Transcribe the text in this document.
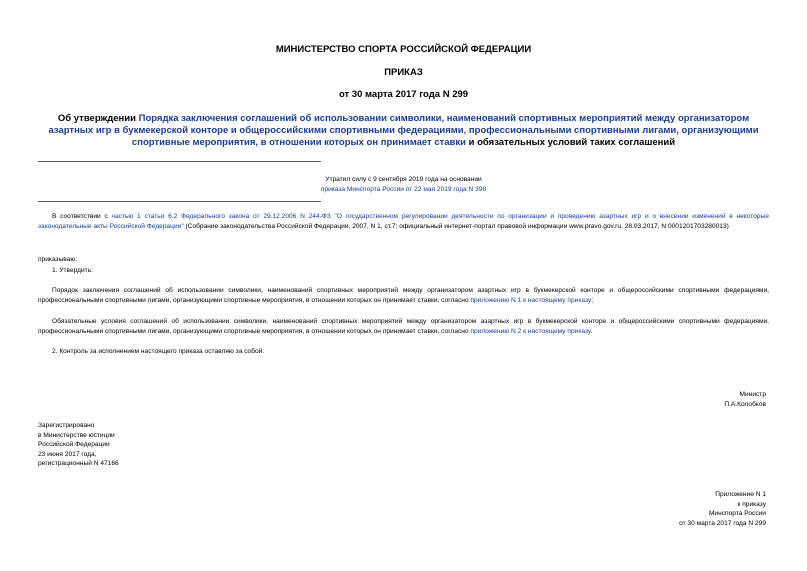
МИНИСТЕРСТВО СПОРТА РОССИЙСКОЙ ФЕДЕРАЦИИ
ПРИКАЗ
от 30 марта 2017 года N 299
Об утверждении Порядка заключения соглашений об использовании символики, наименований спортивных мероприятий между организатором азартных игр в букмекерской конторе и общероссийскими спортивными федерациями, профессиональными спортивными лигами, организующими спортивные мероприятия, в отношении которых он принимает ставки и обязательных условий таких соглашений
Утратил силу с 9 сентября 2019 года на основании
приказа Минспорта России от 22 мая 2019 года N 398
В соответствии с частью 1 статьи 6.2 Федерального закона от 29.12.2006 N 244-ФЗ "О государственном регулировании деятельности по организации и проведению азартных игр и о внесении изменений в некоторые законодательные акты Российской Федерации" (Собрание законодательства Российской Федерации, 2007, N 1, ст.7; официальный интернет-портал правовой информации www.pravo.gov.ru, 28.03.2017, N 0001201703280013)
приказываю:
1. Утвердить:
Порядок заключения соглашений об использовании символики, наименований спортивных мероприятий между организатором азартных игр в букмекерской конторе и общероссийскими спортивными федерациями, профессиональными спортивными лигами, организующими спортивные мероприятия, в отношении которых он принимает ставки, согласно приложению N 1 к настоящему приказу;
Обязательные условия соглашений об использовании символики, наименований спортивных мероприятий между организатором азартных игр в букмекерской конторе и общероссийскими спортивными федерациями, профессиональными спортивными лигами, организующими спортивные мероприятия, в отношении которых он принимает ставки, согласно приложению N 2 к настоящему приказу.
2. Контроль за исполнением настоящего приказа оставляю за собой.
Министр
П.А.Колобков
Зарегистрировано
в Министерстве юстиции
Российской Федерации
23 июня 2017 года,
регистрационный N 47166
Приложение N 1
к приказу
Минспорта России
от 30 марта 2017 года N 299
